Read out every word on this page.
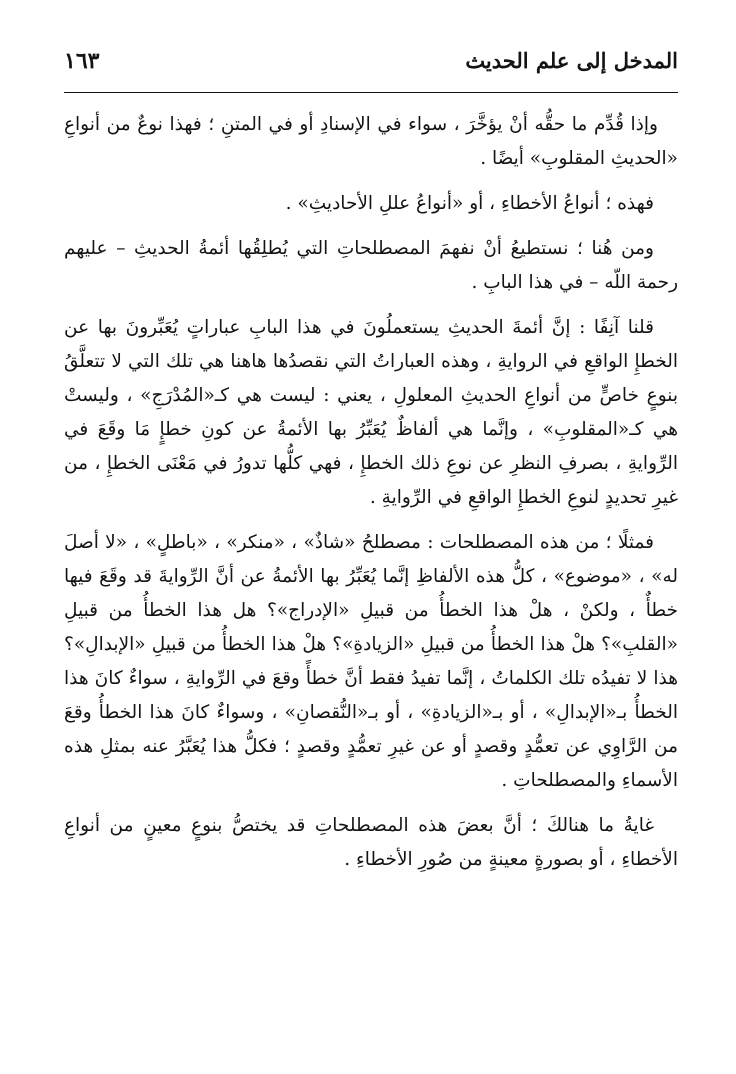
المدخل إلى علم الحديث
١٦٣

وإذا قُدِّم ما حقُّه أنْ يؤخَّرَ ، سواء في الإسنادِ أو في المتنِ ؛ فهذا نوعٌ من أنواعِ «الحديثِ المقلوبِ» أيضًا .

فهذه ؛ أنواعُ الأخطاءِ ، أو «أنواعُ عللِ الأحاديثِ» .

ومن هُنا ؛ نستطيعُ أنْ نفهمَ المصطلحاتِ التي يُطلِقُها أئمةُ الحديثِ – عليهم رحمة اللّه – في هذا البابِ .

قلنا آنِفًا : إنَّ أئمةَ الحديثِ يستعملُونَ في هذا البابِ عباراتٍ يُعَبِّرونَ بها عن الخطإِ الواقعِ في الروايةِ ، وهذه العباراتُ التي نقصدُها هاهنا هي تلك التي لا تتعلَّقُ بنوعٍ خاصٍّ من أنواعِ الحديثِ المعلولِ ، يعني : ليست هي كـ«المُدْرَجِ» ، وليستْ هي كـ«المقلوبِ» ، وإنَّما هي ألفاظٌ يُعَبِّرُ بها الأئمةُ عن كونِ خطإٍ مَا وقَعَ في الرِّوايةِ ، بصرفِ النظرِ عن نوعِ ذلك الخطإِ ، فهي كلُّها تدورُ في مَعْنَى الخطإِ ، من غيرِ تحديدٍ لنوعِ الخطإِ الواقعِ في الرِّوايةِ .

فمثلًا ؛ من هذه المصطلحات : مصطلحُ «شاذٌ» ، «منكر» ، «باطلٍ» ، «لا أصلَ له» ، «موضوع» ، كلُّ هذه الألفاظِ إنَّما يُعَبِّرُ بها الأئمةُ عن أنَّ الرِّوايةَ قد وقَعَ فيها خطأٌ ، ولكنْ ، هلْ هذا الخطأُ من قبيلِ «الإدراج»؟ هل هذا الخطأُ من قبيلِ «القلبِ»؟ هلْ هذا الخطأُ من قبيلِ «الزيادةِ»؟ هلْ هذا الخطأُ من قبيلِ «الإبدالِ»؟ هذا لا تفيدُه تلك الكلماتُ ، إنَّما تفيدُ فقط أنَّ خطأً وقعَ في الرِّوايةِ ، سواءٌ كانَ هذا الخطأُ بـ«الإبدالِ» ، أو بـ«الزيادةِ» ، أو بـ«النُّقصانِ» ، وسواءٌ كانَ هذا الخطأُ وقعَ من الرَّاوِي عن تعمُّدٍ وقصدٍ أو عن غيرِ تعمُّدٍ وقصدٍ ؛ فكلُّ هذا يُعَبَّرُ عنه بمثلِ هذه الأسماءِ والمصطلحاتِ .

غايةُ ما هنالكَ ؛ أنَّ بعضَ هذه المصطلحاتِ قد يختصُّ بنوعٍ معينٍ من أنواعِ الأخطاءِ ، أو بصورةٍ معينةٍ من صُورِ الأخطاءِ .
